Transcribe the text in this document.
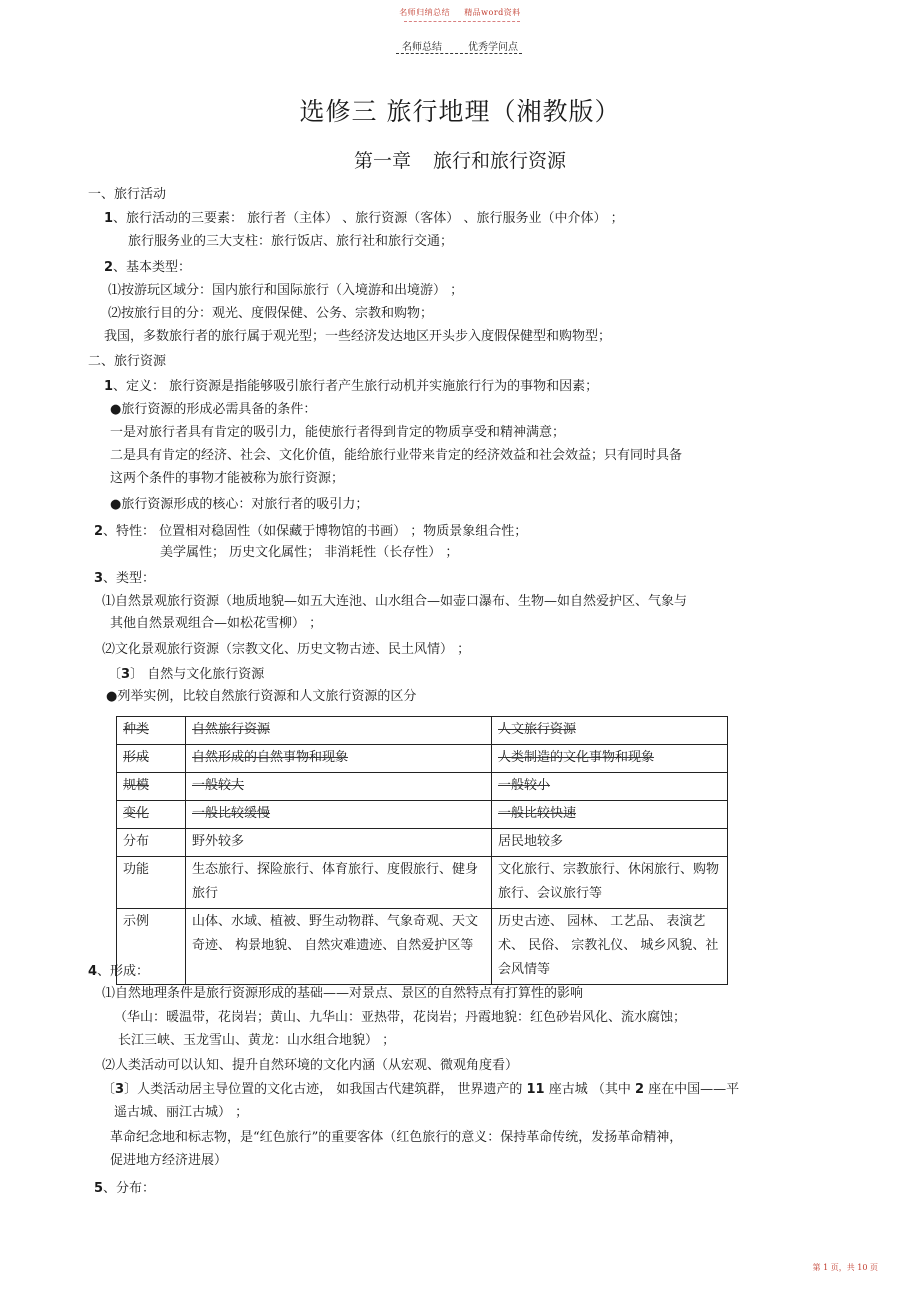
名师归纳总结 精品word资料
名师总结	优秀学问点
选修三 旅行地理（湘教版）
第一章 旅行和旅行资源
一、旅行活动
1、旅行活动的三要素： 旅行者（主体） 、旅行资源（客体） 、旅行服务业（中介体） ；
旅行服务业的三大支柱：旅行饭店、旅行社和旅行交通；
2、基本类型：
⑴按游玩区域分：国内旅行和国际旅行（入境游和出境游） ；
⑵按旅行目的分：观光、度假保健、公务、宗教和购物；
我国，多数旅行者的旅行属于观光型；一些经济发达地区开头步入度假保健型和购物型；
二、旅行资源
1、定义： 旅行资源是指能够吸引旅行者产生旅行动机并实施旅行行为的事物和因素；
●旅行资源的形成必需具备的条件：
一是对旅行者具有肯定的吸引力，能使旅行者得到肯定的物质享受和精神满意；
二是具有肯定的经济、社会、文化价值，能给旅行业带来肯定的经济效益和社会效益；只有同时具备
这两个条件的事物才能被称为旅行资源；
●旅行资源形成的核心：对旅行者的吸引力；
2、特性： 位置相对稳固性（如保藏于博物馆的书画） ；物质景象组合性；
美学属性； 历史文化属性； 非消耗性（长存性） ；
3、类型：
⑴自然景观旅行资源（地质地貌—如五大连池、山水组合—如壶口瀑布、生物—如自然爱护区、气象与
其他自然景观组合—如松花雪柳） ；
⑵文化景观旅行资源（宗教文化、历史文物古迹、民土风情） ；
〔3〕 自然与文化旅行资源
●列举实例，比较自然旅行资源和人文旅行资源的区分
种类	自然旅行资源	人文旅行资源
形成	自然形成的自然事物和现象	人类制造的文化事物和现象
规模	一般较大	一般较小
变化	一般比较缓慢	一般比较快速
分布	野外较多	居民地较多
功能	生态旅行、探险旅行、体育旅行、度假旅行、健身旅行	文化旅行、宗教旅行、休闲旅行、购物旅行、会议旅行等
示例	山体、水域、植被、野生动物群、气象奇观、天文奇迹、 构景地貌、 自然灾难遗迹、自然爱护区等	历史古迹、 园林、 工艺品、 表演艺术、 民俗、 宗教礼仪、 城乡风貌、社会风情等
4、形成：
⑴自然地理条件是旅行资源形成的基础——对景点、景区的自然特点有打算性的影响
（华山：暖温带，花岗岩；黄山、九华山：亚热带，花岗岩；丹霞地貌：红色砂岩风化、流水腐蚀；
长江三峡、玉龙雪山、黄龙：山水组合地貌） ；
⑵人类活动可以认知、提升自然环境的文化内涵（从宏观、微观角度看）
〔3〕人类活动居主导位置的文化古迹， 如我国古代建筑群， 世界遗产的 11 座古城 （其中 2 座在中国——平
遥古城、丽江古城） ；
革命纪念地和标志物，是“红色旅行”的重要客体（红色旅行的意义：保持革命传统，发扬革命精神，
促进地方经济进展）
5、分布：
第 1 页，共 10 页
